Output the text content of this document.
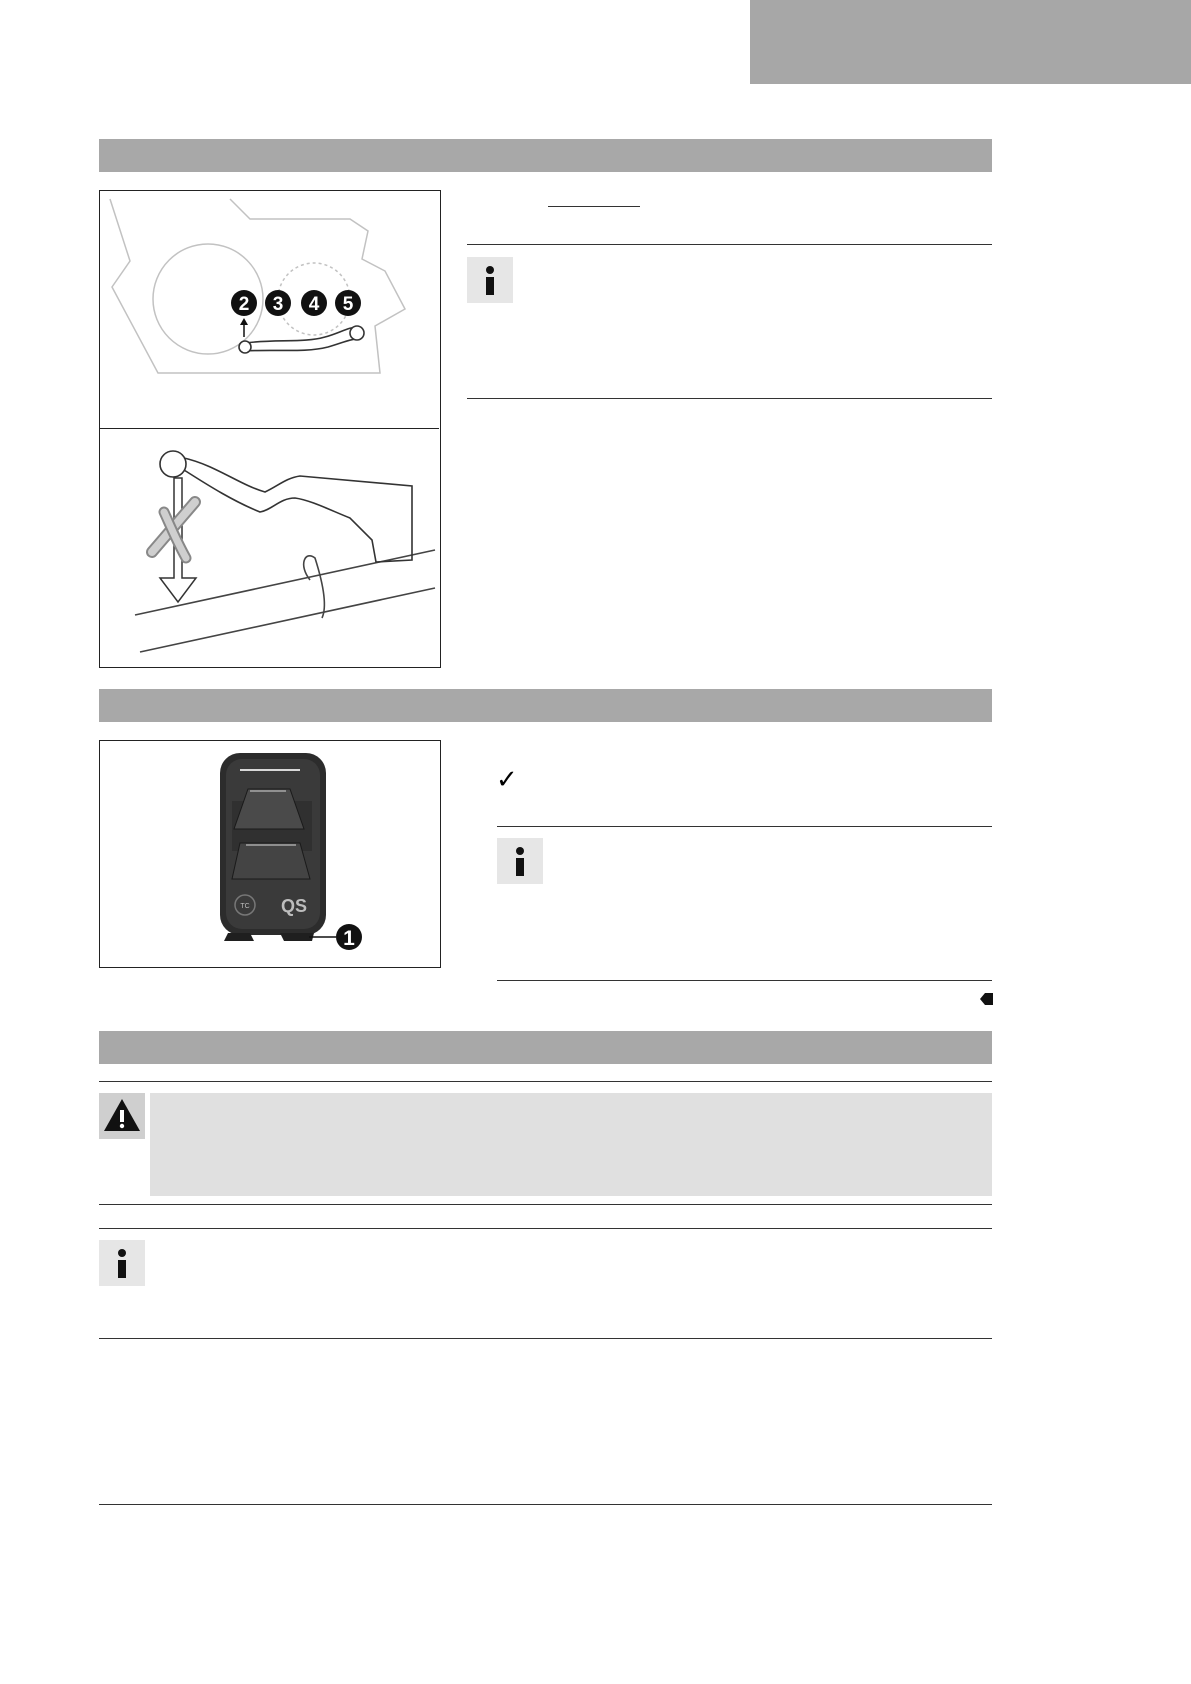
2 3 4 5
TC QS
1
✓
